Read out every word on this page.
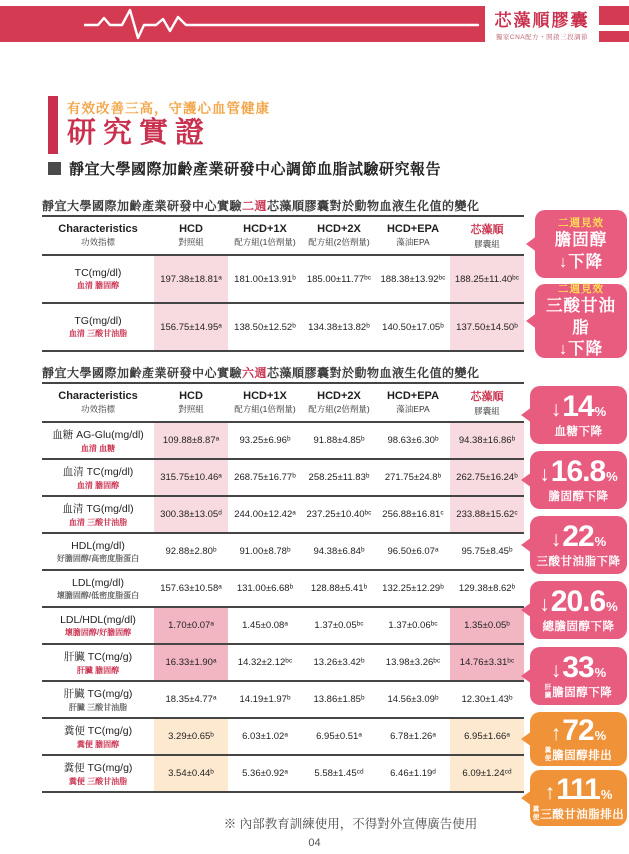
芯藻順膠囊
獨家CNA配方・開啟三段調節
有效改善三高，守護心血管健康
研究實證
靜宜大學國際加齡產業研發中心調節血脂試驗研究報告
靜宜大學國際加齡產業研發中心實驗二週芯藻順膠囊對於動物血液生化值的變化
Characteristics
功效指標
HCD
對照組
HCD+1X
配方組(1倍劑量)
HCD+2X
配方組(2倍劑量)
HCD+EPA
藻油EPA
芯藻順
膠囊組
TC(mg/dl)
血清 膽固醇
197.38±18.81ᵃ	181.00±13.91ᵇ	185.00±11.77ᵇᶜ 188.38±13.92ᵇᶜ 188.25±11.40ᵇᶜ
TG(mg/dl)
血清 三酸甘油脂
156.75±14.95ᵃ	138.50±12.52ᵇ	134.38±13.82ᵇ	140.50±17.05ᵇ	137.50±14.50ᵇ
靜宜大學國際加齡產業研發中心實驗六週芯藻順膠囊對於動物血液生化值的變化
Characteristics
功效指標
HCD
對照組
HCD+1X
配方組(1倍劑量)
HCD+2X
配方組(2倍劑量)
HCD+EPA
藻油EPA
芯藻順
膠囊組
血糖 AG-Glu(mg/dl)
血清 血糖
109.88±8.87ᵃ	93.25±6.96ᵇ	91.88±4.85ᵇ	98.63±6.30ᵇ	94.38±16.86ᵇ
血清 TC(mg/dl)
血清 膽固醇
315.75±10.46ᵃ	268.75±16.77ᵇ	258.25±11.83ᵇ	271.75±24.8ᵇ	262.75±16.24ᵇ
血清 TG(mg/dl)
血清 三酸甘油脂
300.38±13.05ᵈ	244.00±12.42ᵃ	237.25±10.40ᵇᶜ	256.88±16.81ᶜ	233.88±15.62ᶜ
HDL(mg/dl)
好膽固醇/高密度脂蛋白
92.88±2.80ᵇ	91.00±8.78ᵇ	94.38±6.84ᵇ	96.50±6.07ᵃ	95.75±8.45ᵇ
LDL(mg/dl)
壞膽固醇/低密度脂蛋白
157.63±10.58ᵃ	131.00±6.68ᵇ	128.88±5.41ᵇ	132.25±12.29ᵇ	129.38±8.62ᵇ
LDL/HDL(mg/dl)
壞膽固醇/好膽固醇
1.70±0.07ᵃ	1.45±0.08ᵃ	1.37±0.05ᵇᶜ	1.37±0.06ᵇᶜ	1.35±0.05ᵇ
肝臟 TC(mg/g)
肝臟 膽固醇
16.33±1.90ᵃ	14.32±2.12ᵇᶜ	13.26±3.42ᵇ	13.98±3.26ᵇᶜ	14.76±3.31ᵇᶜ
肝臟 TG(mg/g)
肝臟 三酸甘油脂
18.35±4.77ᵃ	14.19±1.97ᵇ	13.86±1.85ᵇ	14.56±3.09ᵇ	12.30±1.43ᵇ
糞便 TC(mg/g)
糞便 膽固醇
3.29±0.65ᵇ	6.03±1.02ᵃ	6.95±0.51ᵃ	6.78±1.26ᵃ	6.95±1.66ᵃ
糞便 TG(mg/g)
糞便 三酸甘油脂
3.54±0.44ᵇ	5.36±0.92ᵃ	5.58±1.45ᶜᵈ	6.46±1.19ᵈ	6.09±1.24ᶜᵈ
二週見效
膽固醇
↓下降
二週見效
三酸甘油脂
↓下降
↓ 14 %
血糖下降
↓ 16.8 %
膽固醇下降
↓ 22 %
三酸甘油脂下降
↓ 20.6 %
總膽固醇下降
↓ 33 %
肝
臟 膽固醇下降
↑ 72 %
糞
便 膽固醇排出
↑ 111 %
糞
便 三酸甘油脂排出
※ 內部教育訓練使用，不得對外宣傳廣告使用
04
